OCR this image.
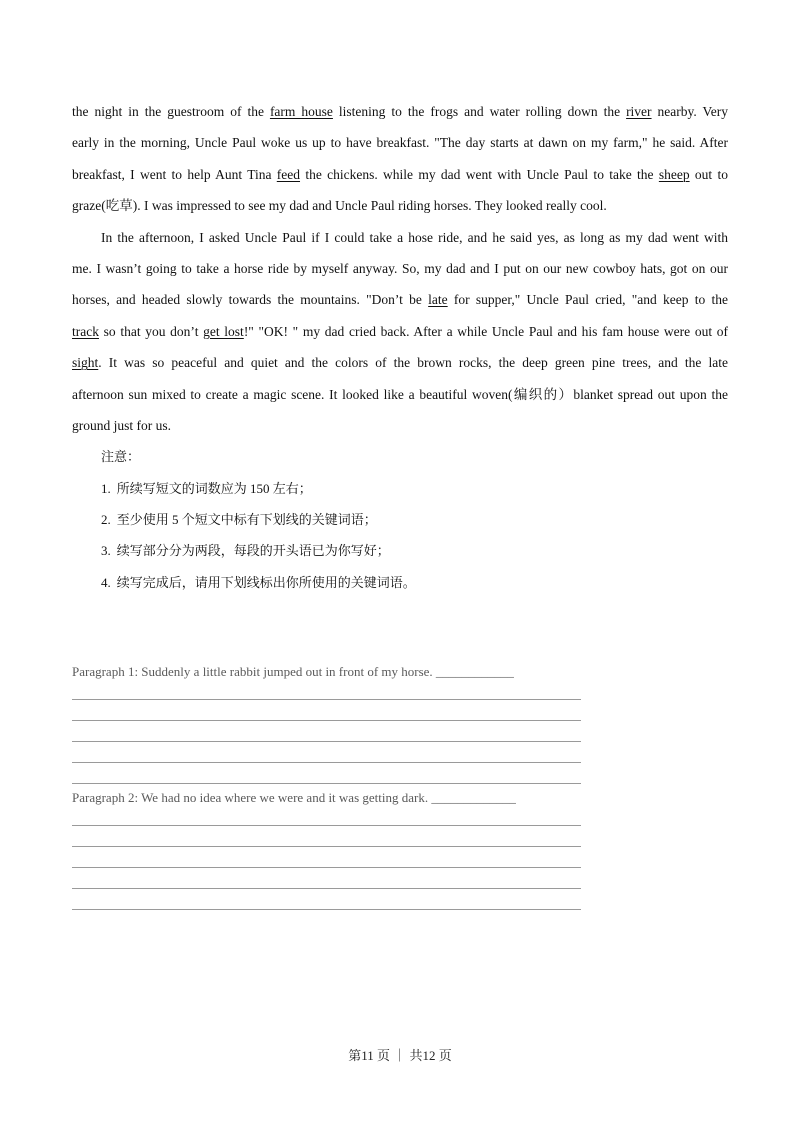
the night in the guestroom of the farm house listening to the frogs and water rolling down the river nearby. Very
early in the morning, Uncle Paul woke us up to have breakfast. "The day starts at dawn on my farm," he said. After
breakfast, I went to help Aunt Tina feed the chickens. while my dad went with Uncle Paul to take the sheep out to
graze(吃草). I was impressed to see my dad and Uncle Paul riding horses. They looked really cool.
In the afternoon, I asked Uncle Paul if I could take a hose ride, and he said yes, as long as my dad went with
me. I wasn’t going to take a horse ride by myself anyway. So, my dad and I put on our new cowboy hats, got on our
horses, and headed slowly towards the mountains. "Don’t be late for supper," Uncle Paul cried, "and keep to the
track so that you don’t get lost!" "OK! " my dad cried back. After a while Uncle Paul and his fam house were out of
sight. It was so peaceful and quiet and the colors of the brown rocks, the deep green pine trees, and the late
afternoon sun mixed to create a magic scene. It looked like a beautiful woven(编织的）blanket spread out upon the
ground just for us.
注意：
1. 所续写短文的词数应为 150 左右；
2. 至少使用 5 个短文中标有下划线的关键词语；
3. 续写部分分为两段，每段的开头语已为你写好；
4. 续写完成后，请用下划线标出你所使用的关键词语。
Paragraph 1: Suddenly a little rabbit jumped out in front of my horse. ____________
Paragraph 2: We had no idea where we were and it was getting dark. _____________
第11 页 ｜ 共12 页
